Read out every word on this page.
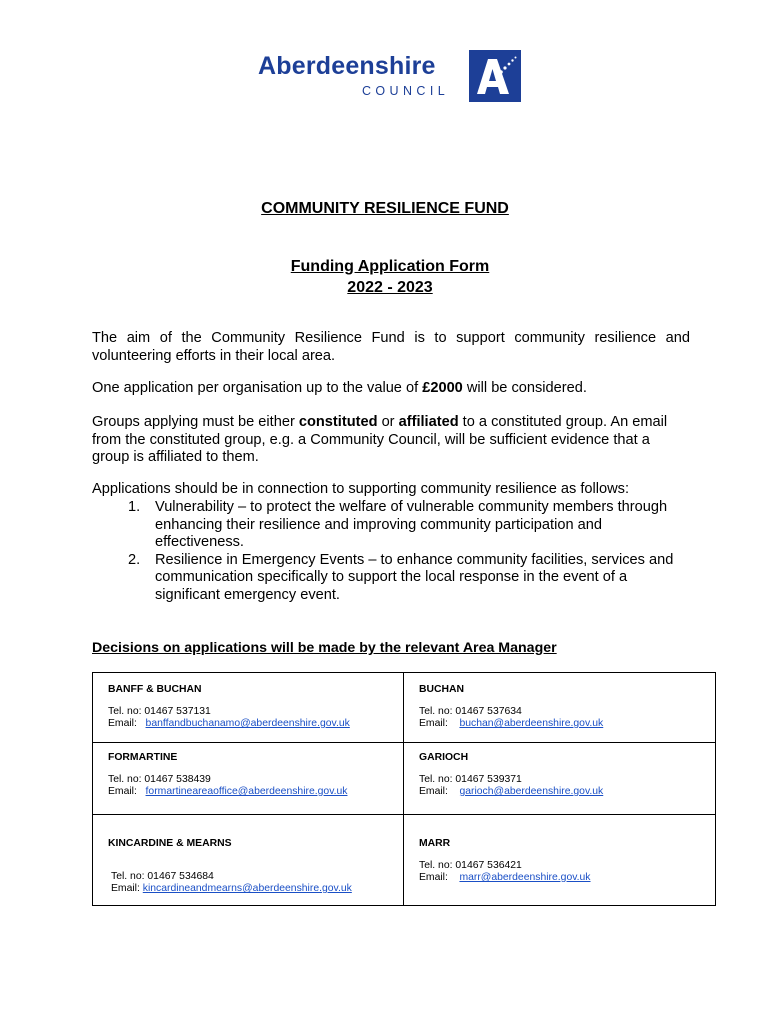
Aberdeenshire
COUNCIL
COMMUNITY RESILIENCE FUND
Funding Application Form
2022 - 2023
The aim of the Community Resilience Fund is to support community resilience and volunteering efforts in their local area.
One application per organisation up to the value of £2000 will be considered.
Groups applying must be either constituted or affiliated to a constituted group. An email from the constituted group, e.g. a Community Council, will be sufficient evidence that a group is affiliated to them.
Applications should be in connection to supporting community resilience as follows:
1. Vulnerability – to protect the welfare of vulnerable community members through enhancing their resilience and improving community participation and effectiveness.
2. Resilience in Emergency Events – to enhance community facilities, services and communication specifically to support the local response in the event of a significant emergency event.
Decisions on applications will be made by the relevant Area Manager
BANFF & BUCHAN
Tel. no: 01467 537131
Email: banffandbuchanamo@aberdeenshire.gov.uk
BUCHAN
Tel. no: 01467 537634
Email: buchan@aberdeenshire.gov.uk
FORMARTINE
Tel. no: 01467 538439
Email: formartineareaoffice@aberdeenshire.gov.uk
GARIOCH
Tel. no: 01467 539371
Email: garioch@aberdeenshire.gov.uk
KINCARDINE & MEARNS
Tel. no: 01467 534684
Email: kincardineandmearns@aberdeenshire.gov.uk
MARR
Tel. no: 01467 536421
Email: marr@aberdeenshire.gov.uk
